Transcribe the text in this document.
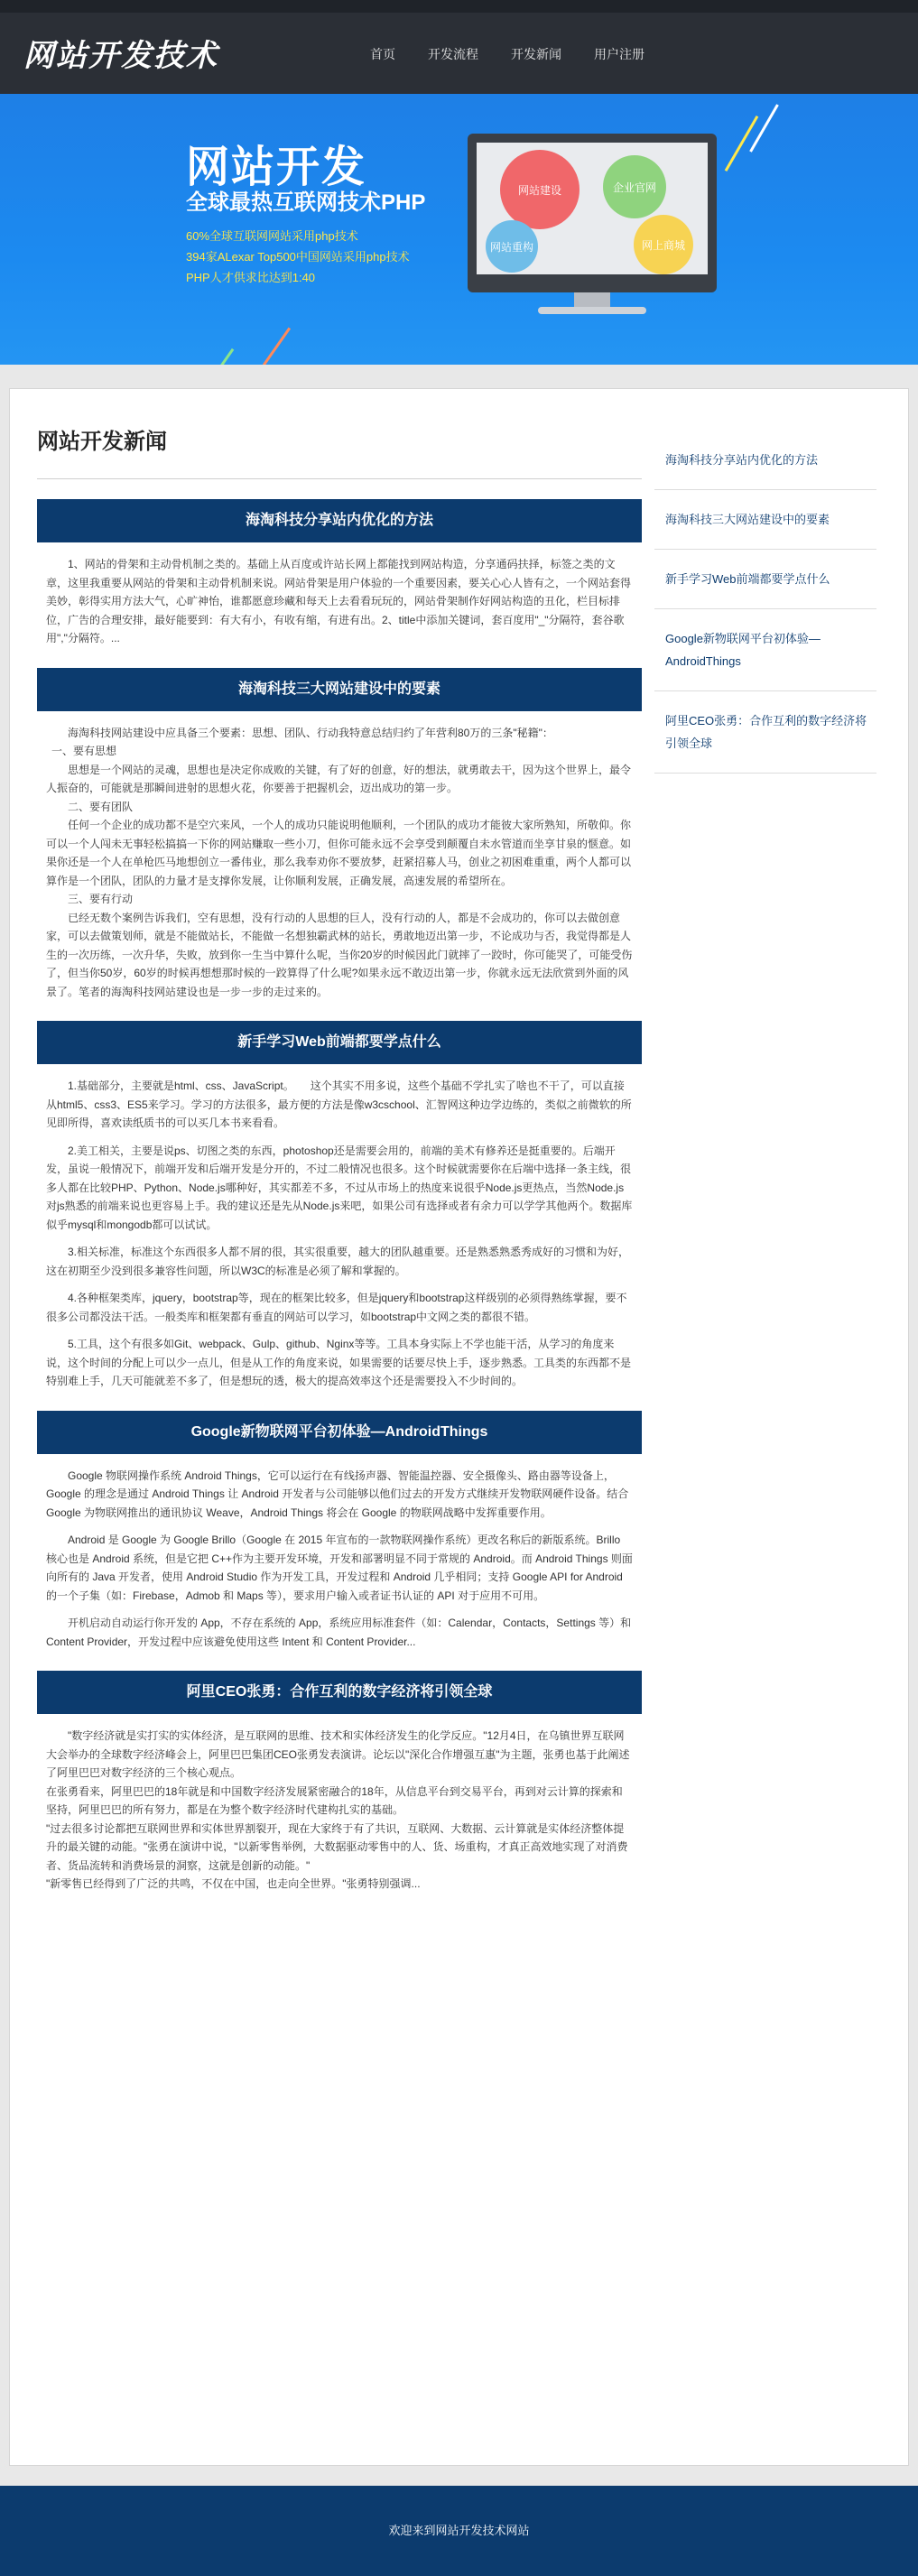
网站开发技术	首页	开发流程	开发新闻	用户注册
网站开发
全球最热互联网技术PHP
60%全球互联网网站采用php技术
394家ALexar Top500中国网站采用php技术
PHP人才供求比达到1:40
网站建设	企业官网
网站重构	网上商城
网站开发新闻
海淘科技分享站内优化的方法

1、网站的骨架和主动骨机制之类的。基础上从百度或许站长网上都能找到网站构造，分享通码扶择，标签之类的文章，这里我重要从网站的骨架和主动骨机制来说。网站骨架是用户体验的一个重要因素，要关心心人皆有之，一个网站套得美妙，彰得实用方法大气，心旷神怡，谁都愿意珍藏和每天上去看看玩玩的，网站骨架制作好网站构造的丑化，栏目标排位，广告的合理安排，最好能要到：有大有小，有收有缩，有进有出。2、title中添加关键词，套百度用"_"分隔符，套谷歌用","分隔符。...

海淘科技三大网站建设中的要素

海淘科技网站建设中应具备三个要素：思想、团队、行动我特意总结归约了年营利80万的三条"秘籍"：

一、要有思想

思想是一个网站的灵魂，思想也是决定你成败的关键，有了好的创意，好的想法，就勇敢去干，因为这个世界上，最令人振奋的，可能就是那瞬间进射的思想火花，你要善于把握机会，迈出成功的第一步。

二、要有团队

任何一个企业的成功都不是空穴来风，一个人的成功只能说明他顺利，一个团队的成功才能彼大家所熟知，所敬仰。你可以一个人闯未无事轻松搞搞一下你的网站赚取一些小刀，但你可能永远不会享受到颠覆自未水管道而坐享甘泉的惬意。如果你还是一个人在单枪匹马地想创立一番伟业，那么我奉劝你不要放梦，赶紧招募人马，创业之初困难重重，两个人都可以算作是一个团队，团队的力量才是支撑你发展，让你顺利发展，正确发展，高速发展的希望所在。

三、要有行动

已经无数个案例告诉我们，空有思想，没有行动的人思想的巨人，没有行动的人，都是不会成功的，你可以去做创意家，可以去做策划师，就是不能做站长，不能做一名想独霸武林的站长，勇敢地迈出第一步，不论成功与否，我觉得都是人生的一次历练，一次升华，失败，放到你一生当中算什么呢，当你20岁的时候因此门就摔了一跤时，你可能哭了，可能受伤了，但当你50岁，60岁的时候再想想那时候的一跤算得了什么呢?如果永远不敢迈出第一步，你就永远无法欣赏到外面的风景了。笔者的海淘科技网站建设也是一步一步的走过来的。

新手学习Web前端都要学点什么

1.基础部分，主要就是html、css、JavaScript。　　这个其实不用多说，这些个基础不学扎实了啥也不干了，可以直接从html5、css3、ES5来学习。学习的方法很多，最方便的方法是像w3cschool、汇智网这种边学边练的，类似之前微软的所见即所得，喜欢读纸质书的可以买几本书来看看。

2.美工相关，主要是说ps、切图之类的东西，photoshop还是需要会用的，前端的美术有修养还是挺重要的。后端开发，虽说一般情况下，前端开发和后端开发是分开的，不过二般情况也很多。这个时候就需要你在后端中选择一条主线，很多人都在比较PHP、Python、Node.js哪种好，其实都差不多，不过从市场上的热度来说很乎Node.js更热点，当然Node.js对js熟悉的前端来说也更容易上手。我的建议还是先从Node.js来吧，如果公司有选择或者有余力可以学学其他两个。数据库似乎mysql和mongodb都可以试试。

3.相关标准，标准这个东西很多人都不屑的很，其实很重要，越大的团队越重要。还是熟悉熟悉秀成好的习惯和为好，这在初期至少没到很多兼容性问题，所以W3C的标准是必须了解和掌握的。

4.各种框架类库，jquery，bootstrap等，现在的框架比较多，但是jquery和bootstrap这样级别的必须得熟练掌握，要不很多公司都没法干活。一般类库和框架都有垂直的网站可以学习，如bootstrap中文网之类的都很不错。

5.工具，这个有很多如Git、webpack、Gulp、github、Nginx等等。工具本身实际上不学也能干活，从学习的角度来说，这个时间的分配上可以少一点儿，但是从工作的角度来说，如果需要的话要尽快上手，逐步熟悉。工具类的东西都不是特别难上手，几天可能就差不多了，但是想玩的透，极大的提高效率这个还是需要投入不少时间的。

Google新物联网平台初体验—AndroidThings

Google 物联网操作系统 Android Things，它可以运行在有线扬声器、智能温控器、安全摄像头、路由器等设备上，Google 的理念是通过 Android Things 让 Android 开发者与公司能够以他们过去的开发方式继续开发物联网硬件设备。结合 Google 为物联网推出的通讯协议 Weave，Android Things 将会在 Google 的物联网战略中发挥重要作用。

Android 是 Google 为 Google Brillo（Google 在 2015 年宣布的一款物联网操作系统）更改名称后的新版系统。Brillo 核心也是 Android 系统，但是它把 C++作为主要开发环境，开发和部署明显不同于常规的 Android。而 Android Things 则面向所有的 Java 开发者，使用 Android Studio 作为开发工具，开发过程和 Android 几乎相同；支持 Google API for Android 的一个子集（如：Firebase，Admob 和 Maps 等），要求用户输入或者证书认证的 API 对于应用不可用。

开机启动自动运行你开发的 App，不存在系统的 App，系统应用标准套件（如：Calendar，Contacts，Settings 等）和 Content Provider，开发过程中应该避免使用这些 Intent 和 Content Provider...

阿里CEO张勇：合作互利的数字经济将引领全球

"数字经济就是实打实的实体经济，是互联网的思维、技术和实体经济发生的化学反应。"12月4日，在乌镇世界互联网大会举办的全球数字经济峰会上，阿里巴巴集团CEO张勇发表演讲。论坛以"深化合作增强互惠"为主题，张勇也基于此阐述了阿里巴巴对数字经济的三个核心观点。

在张勇看来，阿里巴巴的18年就是和中国数字经济发展紧密融合的18年，从信息平台到交易平台，再到对云计算的探索和坚持，阿里巴巴的所有努力，都是在为整个数字经济时代建构扎实的基础。

"过去很多讨论都把互联网世界和实体世界割裂开，现在大家终于有了共识，互联网、大数据、云计算就是实体经济整体提升的最关键的动能。"张勇在演讲中说，"以新零售举例，大数据驱动零售中的人、货、场重构，才真正高效地实现了对消费者、货品流转和消费场景的洞察，这就是创新的动能。"

"新零售已经得到了广泛的共鸣，不仅在中国，也走向全世界。"张勇特别强调...

海淘科技分享站内优化的方法
海淘科技三大网站建设中的要素
新手学习Web前端都要学点什么
Google新物联网平台初体验—AndroidThings
阿里CEO张勇：合作互利的数字经济将引领全球
欢迎来到网站开发技术网站
